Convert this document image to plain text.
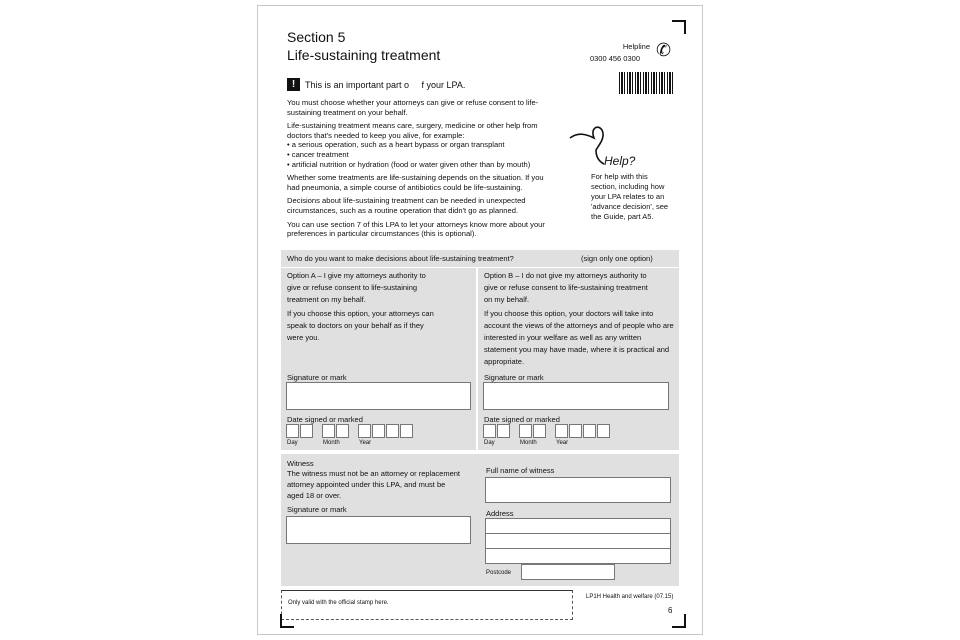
Section 5
Life-sustaining treatment
Helpline
0300 456 0300 ✆
!	This is an important part o     f your LPA.

You must choose whether your attorneys can give or refuse consent to life-sustaining treatment on your behalf.

Life-sustaining treatment means care, surgery, medicine or other help from doctors that's needed to keep you alive, for example:

• a serious operation, such as a heart bypass or organ transplant
• cancer treatment
• artificial nutrition or hydration (food or water given other than by mouth)

Whether some treatments are life-sustaining depends on the situation. If you had pneumonia, a simple course of antibiotics could be life-sustaining.

Decisions about life-sustaining treatment can be needed in unexpected circumstances, such as a routine operation that didn't go as planned.

You can use section 7 of this LPA to let your attorneys know more about your preferences in particular circumstances (this is optional).

Help?
For help with this section, including how your LPA relates to an 'advance decision', see the Guide, part A5.
Who do you want to make decisions about life-sustaining treatment?	(sign only one option)
Option A – I give my attorneys authority to give or refuse consent to life-sustaining treatment on my behalf.
If you choose this option, your attorneys can speak to doctors on your behalf as if they were you.
Signature or mark
Date signed or marked
Day	Month	Year
Option B – I do not give my attorneys authority to give or refuse consent to life-sustaining treatment on my behalf.
If you choose this option, your doctors will take into account the views of the attorneys and of people who are interested in your welfare as well as any written statement you may have made, where it is practical and appropriate.
Signature or mark
Date signed or marked
Day	Month	Year
Witness
The witness must not be an attorney or replacement attorney appointed under this LPA, and must be aged 18 or over.
Signature or mark
Full name of witness
Address
Postcode
Only valid with the official stamp here.
LP1H Health and welfare (07.15)
6
